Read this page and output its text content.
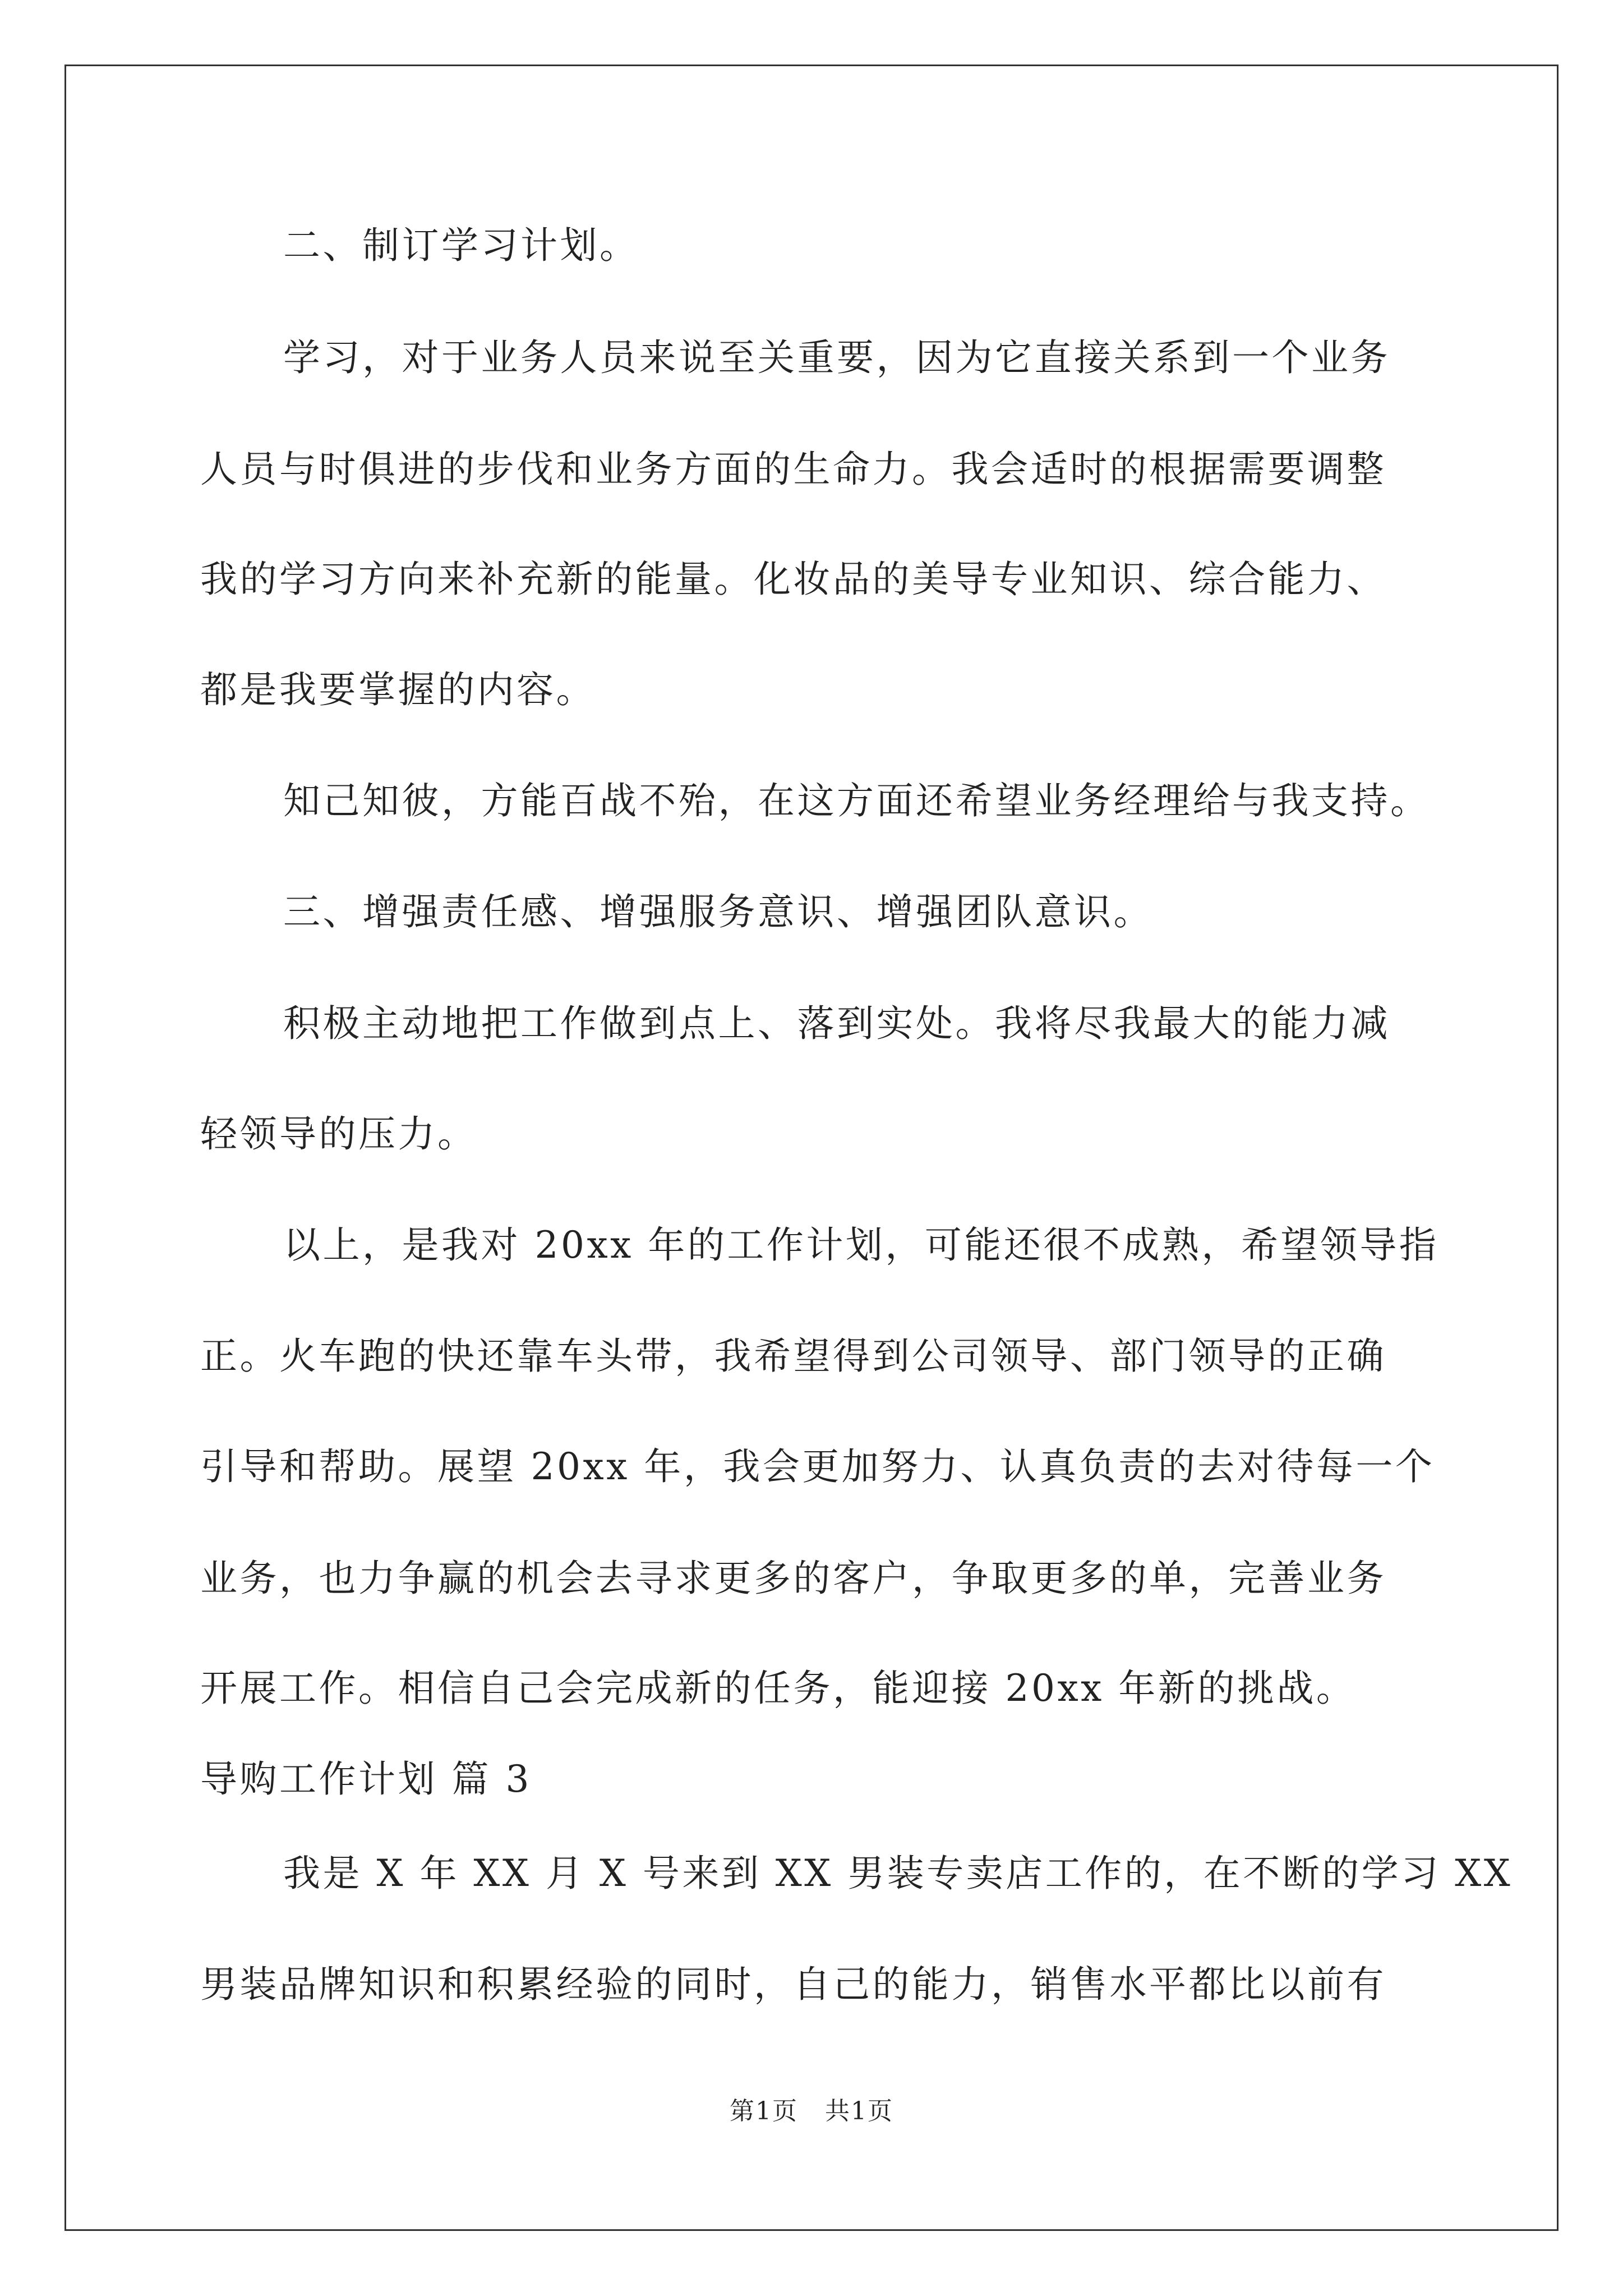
二、制订学习计划。

学习，对于业务人员来说至关重要，因为它直接关系到一个业务

人员与时俱进的步伐和业务方面的生命力。我会适时的根据需要调整

我的学习方向来补充新的能量。化妆品的美导专业知识、综合能力、

都是我要掌握的内容。

知己知彼，方能百战不殆，在这方面还希望业务经理给与我支持。

三、增强责任感、增强服务意识、增强团队意识。

积极主动地把工作做到点上、落到实处。我将尽我最大的能力减

轻领导的压力。

以上，是我对 20xx 年的工作计划，可能还很不成熟，希望领导指

正。火车跑的快还靠车头带，我希望得到公司领导、部门领导的正确

引导和帮助。展望 20xx 年，我会更加努力、认真负责的去对待每一个

业务，也力争赢的机会去寻求更多的客户，争取更多的单，完善业务

开展工作。相信自己会完成新的任务，能迎接 20xx 年新的挑战。

导购工作计划 篇 3

我是 X 年 XX 月 X 号来到 XX 男装专卖店工作的，在不断的学习 XX

男装品牌知识和积累经验的同时，自己的能力，销售水平都比以前有

第1页   共1页
